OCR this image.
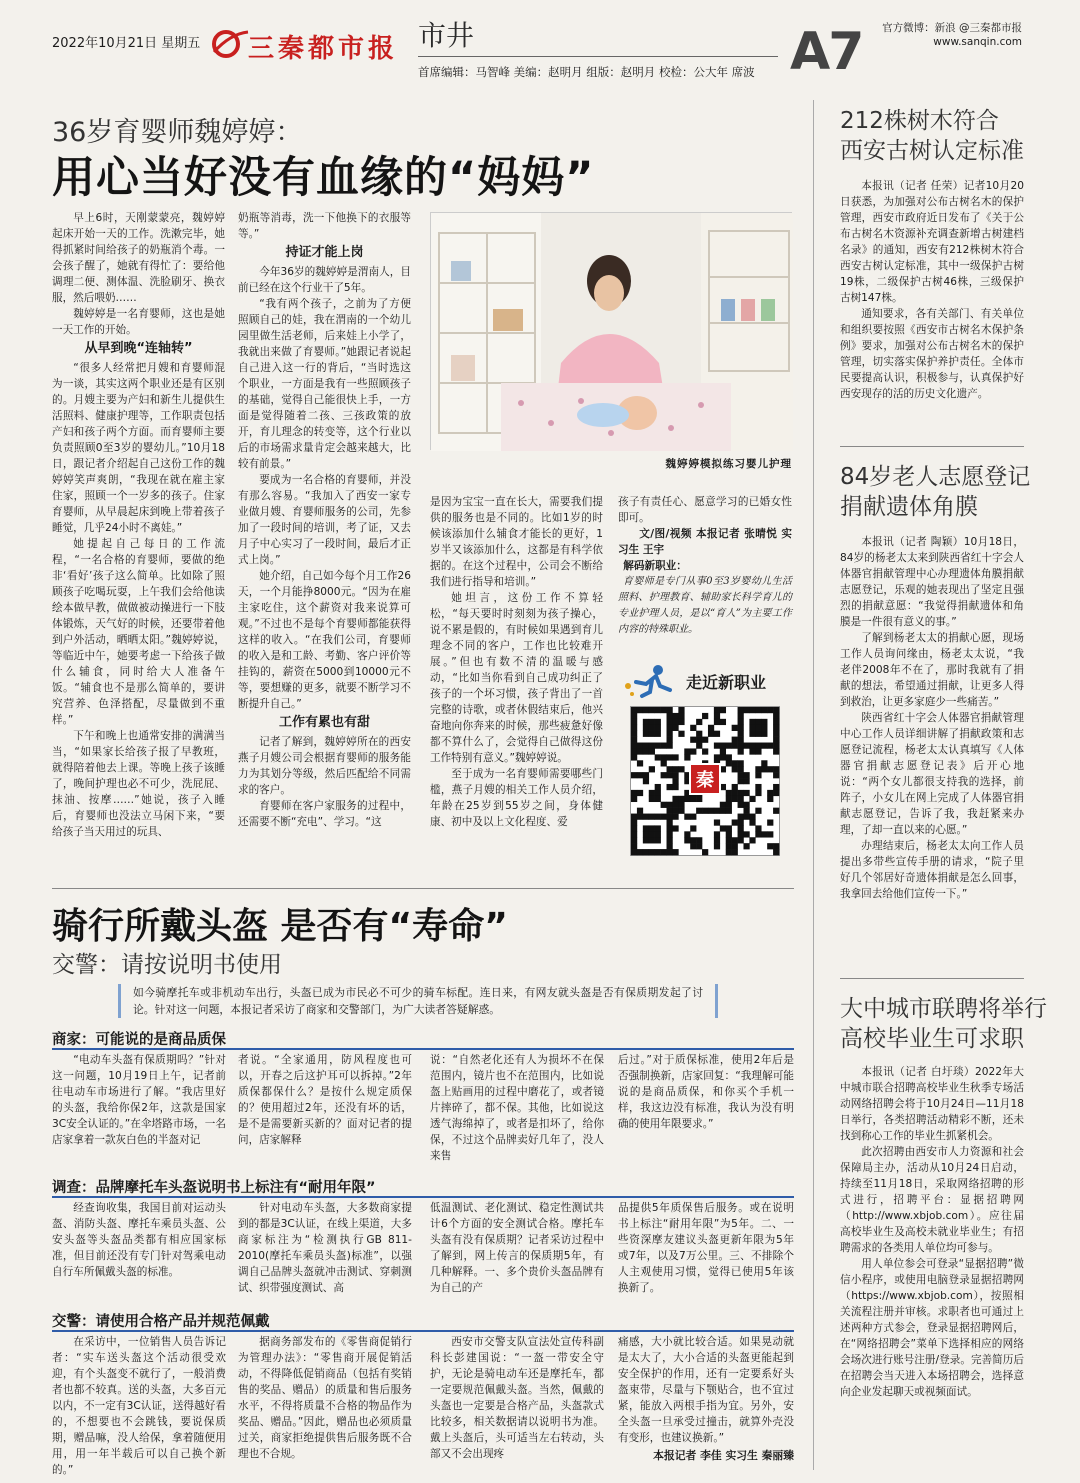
2022年10月21日 星期五 三秦都市报 市井
首席编辑：马智峰 美编：赵明月 组版：赵明月 校检：公大年 席波 A7 官方微博：新浪 @三秦都市报
www.sanqin.com
36岁育婴师魏婷婷：
用心当好没有血缘的“妈妈”

早上6时，天刚蒙蒙亮，魏婷婷起床开始一天的工作。洗漱完毕，她得抓紧时间给孩子的奶瓶消个毒。一会孩子醒了，她就有得忙了：要给他调理二便、测体温、洗脸刷牙、换衣服，然后喂奶……

魏婷婷是一名育婴师，这也是她一天工作的开始。

从早到晚“连轴转”

“很多人经常把月嫂和育婴师混为一谈，其实这两个职业还是有区别的。月嫂主要为产妇和新生儿提供生活照料、健康护理等，工作职责包括产妇和孩子两个方面。而育婴师主要负责照顾0至3岁的婴幼儿。”10月18日，跟记者介绍起自己这份工作的魏婷婷笑声爽朗，“我现在就在雇主家住家，照顾一个一岁多的孩子。住家育婴师，从早晨起床到晚上带着孩子睡觉，几乎24小时不离娃。”

她提起自己每日的工作流程，“一名合格的育婴师，要做的绝非‘看好’孩子这么简单。比如除了照顾孩子吃喝玩耍，上午我们会给他读绘本做早教，做做被动操进行一下肢体锻炼，天气好的时候，还要带着他到户外活动，晒晒太阳。”魏婷婷说，等临近中午，她要考虑一下给孩子做什么辅食，同时给大人准备午饭。“辅食也不是那么简单的，要讲究营养、色泽搭配，尽量做到不重样。”

下午和晚上也通常安排的满满当当，“如果家长给孩子报了早教班，就得陪着他去上课。等晚上孩子该睡了，晚间护理也必不可少，洗屁屁、抹油、按摩……”她说，孩子入睡后，育婴师也没法立马闲下来，“要给孩子当天用过的玩具、

奶瓶等消毒，洗一下他换下的衣服等等。”

持证才能上岗

今年36岁的魏婷婷是渭南人，目前已经在这个行业干了5年。

“我有两个孩子，之前为了方便照顾自己的娃，我在渭南的一个幼儿园里做生活老师，后来娃上小学了，我就出来做了育婴师。”她跟记者说起自己进入这一行的背后，“当时选这个职业，一方面是我有一些照顾孩子的基础，觉得自己能很快上手，一方面是觉得随着二孩、三孩政策的放开，育儿理念的转变等，这个行业以后的市场需求量肯定会越来越大，比较有前景。”

要成为一名合格的育婴师，并没有那么容易。“我加入了西安一家专业做月嫂、育婴师服务的公司，先参加了一段时间的培训，考了证，又去月子中心实习了一段时间，最后才正式上岗。”

她介绍，自己如今每个月工作26天，一个月能挣8000元。“因为在雇主家吃住，这个薪资对我来说算可观。”不过也不是每个育婴师都能获得这样的收入。“在我们公司，育婴师的收入是和工龄、考勤、客户评价等挂钩的，薪资在5000到10000元不等，要想赚的更多，就要不断学习不断提升自己。”

工作有累也有甜

记者了解到，魏婷婷所在的西安燕子月嫂公司会根据育婴师的服务能力为其划分等级，然后匹配给不同需求的客户。

育婴师在客户家服务的过程中，还需要不断“充电”、学习。“这

魏婷婷模拟练习婴儿护理

是因为宝宝一直在长大，需要我们提供的服务也是不同的。比如1岁的时候该添加什么辅食才能长的更好，1岁半又该添加什么，这都是有科学依据的。在这个过程中，公司会不断给我们进行指导和培训。”

她坦言，这份工作不算轻松，“每天要时时刻刻为孩子操心，说不累是假的，有时候如果遇到育儿理念不同的客户，工作也比较难开展。”但也有数不清的温暖与感动，“比如当你看到自己成功纠正了孩子的一个坏习惯，孩子背出了一首完整的诗歌，或者休假结束后，他兴奋地向你奔来的时候，那些疲惫好像都不算什么了，会觉得自己做得这份工作特别有意义。”魏婷婷说。

至于成为一名育婴师需要哪些门槛，燕子月嫂的相关工作人员介绍，年龄在25岁到55岁之间，身体健康、初中及以上文化程度、爱

孩子有责任心、愿意学习的已婚女性即可。

文/图/视频 本报记者 张晴悦 实习生 王宇

解码新职业：

育婴师是专门从事0至3岁婴幼儿生活照料、护理教育、辅助家长科学育儿的专业护理人员，是以“育人”为主要工作内容的特殊职业。

走近新职业
秦
骑行所戴头盔 是否有“寿命”
交警：请按说明书使用
如今骑摩托车或非机动车出行，头盔已成为市民必不可少的骑车标配。连日来，有网友就头盔是否有保质期发起了讨论。针对这一问题，本报记者采访了商家和交警部门，为广大读者答疑解惑。
商家：可能说的是商品质保

“电动车头盔有保质期吗？”针对这一问题，10月19日上午，记者前往电动车市场进行了解。“我店里好的头盔，我给你保2年，这款是国家3C安全认证的。”在伞塔路市场，一名店家拿着一款灰白色的半盔对记

者说。“全家通用，防风程度也可以，开春之后这护耳可以拆掉。”2年质保都保什么？是按什么规定质保的？使用超过2年，还没有坏的话，是不是需要新买新的？面对记者的提问，店家解释

说：“自然老化还有人为损坏不在保范围内，镜片也不在范围内，比如说盔上贴画用的过程中磨花了，或者镜片摔碎了，都不保。其他，比如说这透气海绵掉了，或者是扣坏了，给你保，不过这个品牌卖好几年了，没人来售

后过。”对于质保标准，使用2年后是否强制换新，店家回复：“我理解可能说的是商品质保，和你买个手机一样，我这边没有标准，我认为没有明确的使用年限要求。”

调查：品牌摩托车头盔说明书上标注有“耐用年限”

经查询收集，我国目前对运动头盔、消防头盔、摩托车乘员头盔、公安头盔等头盔品类都有相应国家标准，但目前还没有专门针对驾乘电动自行车所佩戴头盔的标准。

针对电动车头盔，大多数商家提到的都是3C认证，在线上渠道，大多商家标注为“检测执行GB 811-2010(摩托车乘员头盔)标准”，以强调自己品牌头盔就冲击测试、穿刺测试、织带强度测试、高

低温测试、老化测试、稳定性测试共计6个方面的安全测试合格。摩托车头盔有没有保质期？记者采访过程中了解到，网上传言的保质期5年，有几种解释。一、多个贵价头盔品牌有为自己的产

品提供5年质保售后服务。或在说明书上标注“耐用年限”为5年。二、一些资深摩友建议头盔更新年限为5年或7年，以及7万公里。三、不排除个人主观使用习惯，觉得已使用5年该换新了。

交警：请使用合格产品并规范佩戴

在采访中，一位销售人员告诉记者：“实车送头盔这个活动很受欢迎，有个头盔变不就行了，一般消费者也都不较真。送的头盔，大多百元以内，不一定有3C认证，送得越好看的，不想要也不会跳钱，要说保质期，赠品嘛，没人给保，拿着随便用用，用一年半载后可以自己换个新的。”

据商务部发布的《零售商促销行为管理办法》：“零售商开展促销活动，不得降低促销商品（包括有奖销售的奖品、赠品）的质量和售后服务水平，不得将质量不合格的物品作为奖品、赠品。”因此，赠品也必须质量过关，商家拒绝提供售后服务既不合理也不合规。

西安市交警支队宣法处宣传科副科长彭建国说：“一盔一带安全守护，无论是骑电动车还是摩托车，都一定要规范佩戴头盔。当然，佩戴的头盔也一定要是合格产品，头盔款式比较多，相关数据请以说明书为准。戴上头盔后，头可适当左右转动，头部又不会出现疼

痛感，大小就比较合适。如果晃动就是太大了，大小合适的头盔更能起到安全保护的作用，还有一定要系好头盔束带，尽量与下颚贴合，也不宜过紧，能放入两根手指为宜。另外，安全头盔一旦承受过撞击，就算外壳没有变形，也建议换新。”

本报记者 李佳 实习生 秦丽臻
212株树木符合
西安古树认定标准

本报讯（记者 任荣）记者10月20日获悉，为加强对公布古树名木的保护管理，西安市政府近日发布了《关于公布古树名木资源补充调查新增古树建档名录》的通知，西安有212株树木符合西安古树认定标准，其中一级保护古树19株，二级保护古树46株，三级保护古树147株。

通知要求，各有关部门、有关单位和组织要按照《西安市古树名木保护条例》要求，加强对公布古树名木的保护管理，切实落实保护养护责任。全体市民要提高认识，积极参与，认真保护好西安现存的活的历史文化遗产。

84岁老人志愿登记
捐献遗体角膜

本报讯（记者 陶颖）10月18日，84岁的杨老太太来到陕西省红十字会人体器官捐献管理中心办理遗体角膜捐献志愿登记，乐观的她表现出了坚定且强烈的捐献意愿：“我觉得捐献遗体和角膜是一件很有意义的事。”

了解到杨老太太的捐献心愿，现场工作人员询问缘由，杨老太太说，“我老伴2008年不在了，那时我就有了捐献的想法，希望通过捐献，让更多人得到救治，让更多家庭少一些痛苦。”

陕西省红十字会人体器官捐献管理中心工作人员详细讲解了捐献政策和志愿登记流程，杨老太太认真填写《人体器官捐献志愿登记表》后开心地说：“两个女儿都很支持我的选择，前阵子，小女儿在网上完成了人体器官捐献志愿登记，告诉了我，我赶紧来办理，了却一直以来的心愿。”

办理结束后，杨老太太向工作人员提出多带些宣传手册的请求，“院子里好几个邻居好奇遗体捐献是怎么回事，我拿回去给他们宣传一下。”

大中城市联聘将举行
高校毕业生可求职

本报讯（记者 白圩琰）2022年大中城市联合招聘高校毕业生秋季专场活动网络招聘会将于10月24日—11月18日举行，各类招聘活动精彩不断，还未找到称心工作的毕业生抓紧机会。

此次招聘由西安市人力资源和社会保障局主办，活动从10月24日启动，持续至11月18日，采取网络招聘的形式进行，招聘平台：显据招聘网（http://www.xbjob.com）。应往届高校毕业生及高校未就业毕业生；有招聘需求的各类用人单位均可参与。

用人单位参会可登录“显据招聘”微信小程序，或使用电脑登录显据招聘网（https://www.xbjob.com），按照相关流程注册并审核。求职者也可通过上述两种方式参会，登录显据招聘网后，在“网络招聘会”菜单下选择相应的网络会场次进行账号注册/登录。完善简历后在招聘会当天进入本场招聘会，选择意向企业发起聊天或视频面试。
